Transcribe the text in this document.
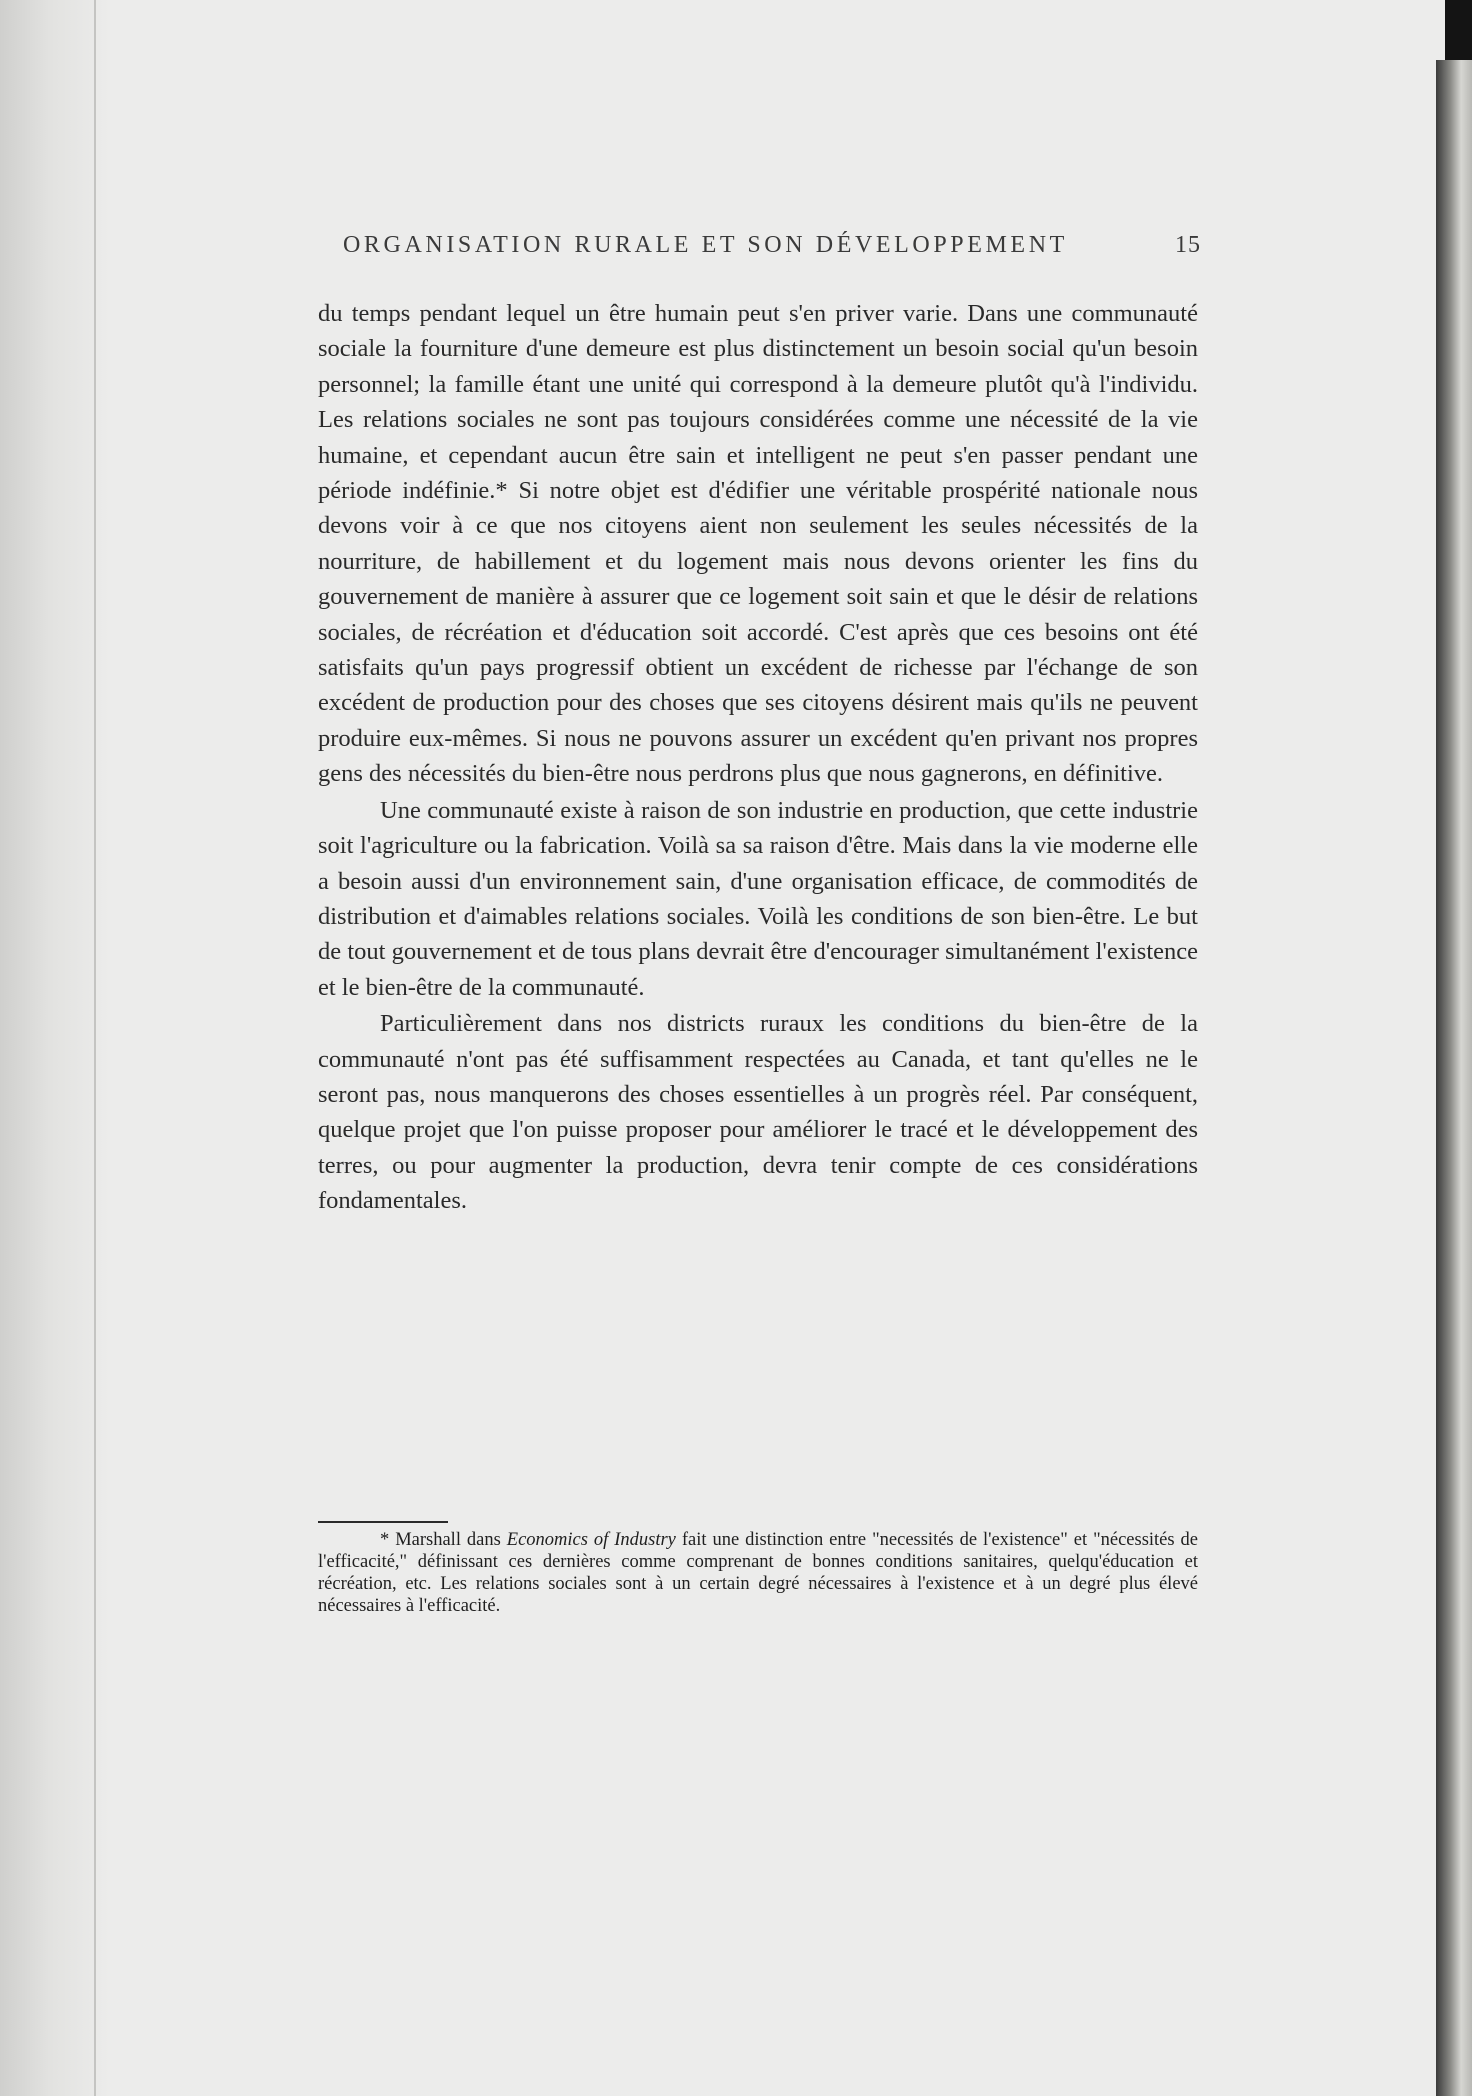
ORGANISATION RURALE ET SON DÉVELOPPEMENT	15

du temps pendant lequel un être humain peut s'en priver varie. Dans une communauté sociale la fourniture d'une demeure est plus distinctement un besoin social qu'un besoin personnel; la famille étant une unité qui correspond à la demeure plutôt qu'à l'individu. Les relations sociales ne sont pas toujours considérées comme une nécessité de la vie humaine, et cependant aucun être sain et intelligent ne peut s'en passer pendant une période indéfinie.* Si notre objet est d'édifier une véritable prospérité nationale nous devons voir à ce que nos citoyens aient non seulement les seules nécessités de la nourriture, de habillement et du logement mais nous devons orienter les fins du gouvernement de manière à assurer que ce logement soit sain et que le désir de relations sociales, de récréation et d'éducation soit accordé. C'est après que ces besoins ont été satisfaits qu'un pays progressif obtient un excédent de richesse par l'échange de son excédent de production pour des choses que ses citoyens désirent mais qu'ils ne peuvent produire eux-mêmes. Si nous ne pouvons assurer un excédent qu'en privant nos propres gens des nécessités du bien-être nous perdrons plus que nous gagnerons, en définitive.

Une communauté existe à raison de son industrie en production, que cette industrie soit l'agriculture ou la fabrication. Voilà sa sa raison d'être. Mais dans la vie moderne elle a besoin aussi d'un environnement sain, d'une organisation efficace, de commodités de distribution et d'aimables relations sociales. Voilà les conditions de son bien-être. Le but de tout gouvernement et de tous plans devrait être d'encourager simultanément l'existence et le bien-être de la communauté.

Particulièrement dans nos districts ruraux les conditions du bien-être de la communauté n'ont pas été suffisamment respectées au Canada, et tant qu'elles ne le seront pas, nous manquerons des choses essentielles à un progrès réel. Par conséquent, quelque projet que l'on puisse proposer pour améliorer le tracé et le développement des terres, ou pour augmenter la production, devra tenir compte de ces considérations fondamentales.

* Marshall dans Economics of Industry fait une distinction entre "necessités de l'existence" et "nécessités de l'efficacité," définissant ces dernières comme comprenant de bonnes conditions sanitaires, quelqu'éducation et récréation, etc. Les relations sociales sont à un certain degré nécessaires à l'existence et à un degré plus élevé nécessaires à l'efficacité.
